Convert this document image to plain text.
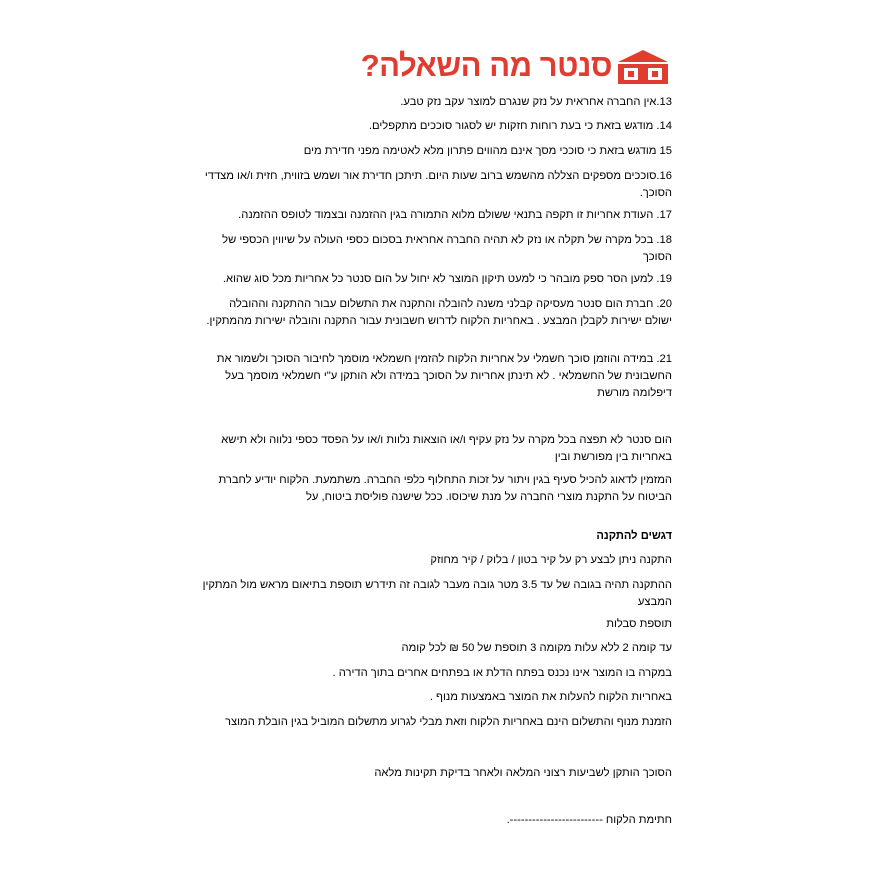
סנטר מה השאלה?

13.אין החברה אחראית על נזק שנגרם למוצר עקב נזק טבע.

14. מודגש בזאת כי בעת רוחות חזקות יש לסגור סוככים מתקפלים.

15 מודגש בזאת כי סוככי מסך אינם מהווים פתרון מלא לאטימה מפני חדירת מים

16.סוככים מספקים הצללה מהשמש ברוב שעות היום. תיתכן חדירת אור ושמש בזווית, חזית ו/או מצדדי הסוכך.

17. העודת אחריות זו תקפה בתנאי ששולם מלוא התמורה בגין ההזמנה ובצמוד לטופס ההזמנה.

18. בכל מקרה של תקלה או נזק לא תהיה החברה אחראית בסכום כספי העולה על שיווין הכספי של הסוכך

19. למען הסר ספק מובהר כי למעט תיקון המוצר לא יחול על הום סנטר כל אחריות מכל סוג שהוא.

20. חברת הום סנטר מעסיקה קבלני משנה להובלה והתקנה את התשלום עבור ההתקנה וההובלה ישולם ישירות לקבלן המבצע . באחריות הלקוח לדרוש חשבונית עבור התקנה והובלה ישירות מהמתקין.

21. במידה והוזמן סוכך חשמלי על אחריות הלקוח להזמין חשמלאי מוסמך לחיבור הסוכך ולשמור את החשבונית של החשמלאי . לא תינתן אחריות על הסוכך במידה ולא הותקן ע"י חשמלאי מוסמך בעל דיפלומה מורשת

הום סנטר לא תפצה בכל מקרה על נזק עקיף ו/או הוצאות נלוות ו/או על הפסד כספי נלווה ולא תישא באחריות בין מפורשת ובין

המזמין לדאוג להכיל סעיף בגין ויתור על זכות התחלוף כלפי החברה. משתמעת. הלקוח יודיע לחברת הביטוח על התקנת מוצרי החברה על מנת שיכוסו. ככל שישנה פוליסת ביטוח, על

דגשים להתקנה

התקנה ניתן לבצע רק על קיר בטון / בלוק / קיר מחוזק

ההתקנה תהיה בגובה של עד 3.5 מטר גובה מעבר לגובה זה תידרש תוספת בתיאום מראש מול המתקין המבצע

תוספת סבלות

עד קומה 2 ללא עלות מקומה 3 תוספת של 50 ₪ לכל קומה

במקרה בו המוצר אינו נכנס בפתח הדלת או בפתחים אחרים בתוך הדירה .

באחריות הלקוח להעלות את המוצר באמצעות מנוף .

הזמנת מנוף והתשלום הינם באחריות הלקוח וזאת מבלי לגרוע מתשלום המוביל בגין הובלת המוצר

הסוכך הותקן לשביעות רצוני המלאה ולאחר בדיקת תקינות מלאה

חתימת הלקוח -------------------------.
